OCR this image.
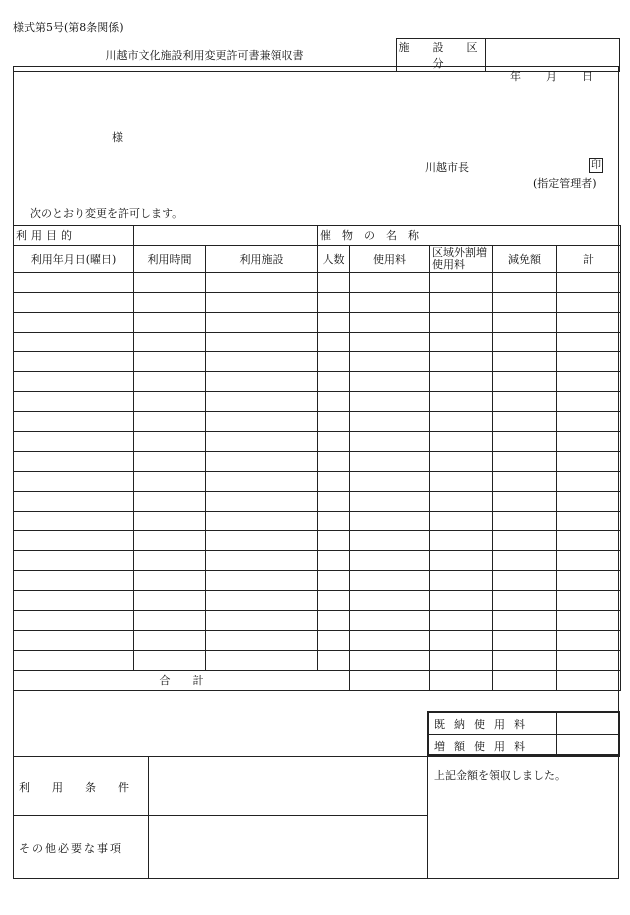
様式第5号(第8条関係)
川越市文化施設利用変更許可書兼領収書	施　設　区　分	
年 月 日
様
川越市長	印
(指定管理者)
次のとおり変更を許可します。
利用目的			催　物　の　名　称				
利用年月日(曜日)	利用時間	利用施設	人数	使用料	区域外割増使用料	減免額	計

合　　計							
既納使用料
増額使用料
利　　用　　条　　件
その他必要な事項
上記金額を領収しました。
